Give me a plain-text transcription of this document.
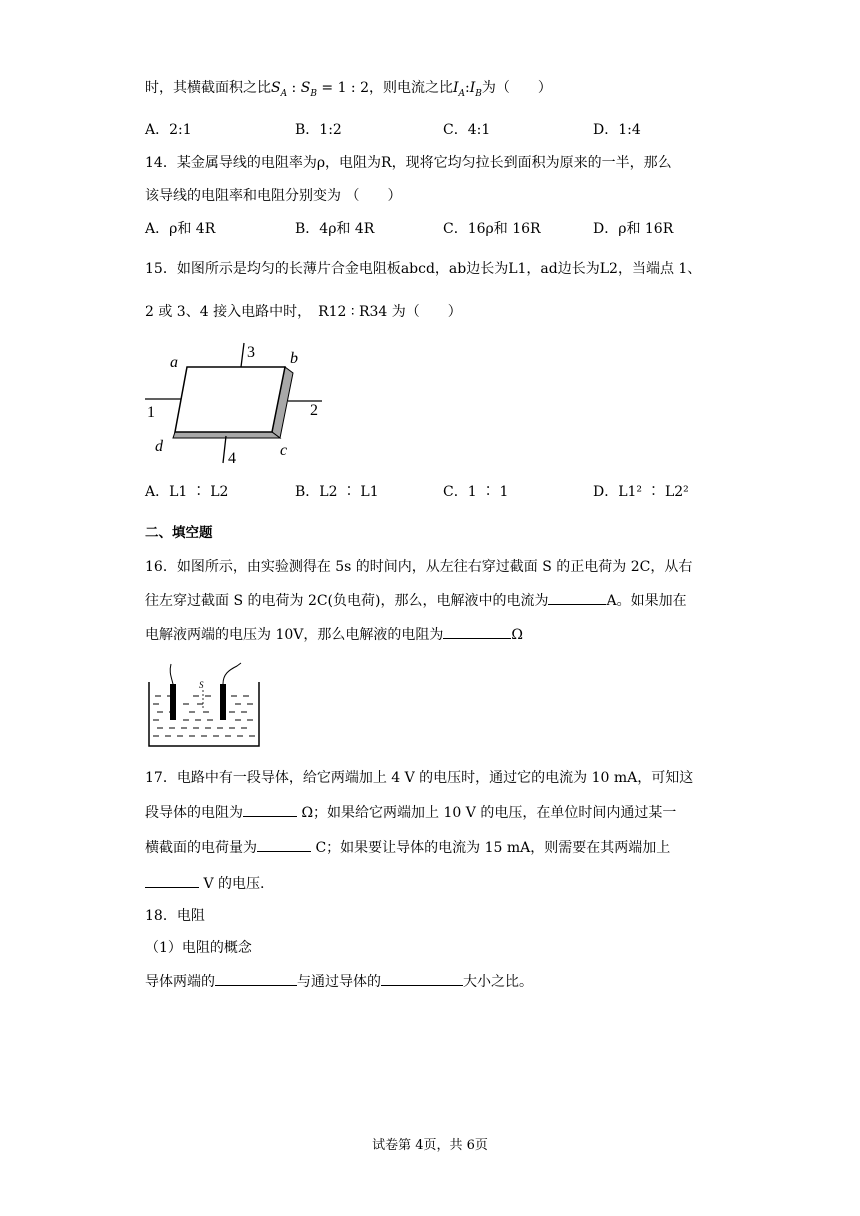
时，其横截面积之比$S_A$ : $S_B = 1$ : 2，则电流之比$I_A:I_B$为（　　）
A．2:1	B．1:2	C．4:1	D．1:4
14．某金属导线的电阻率为ρ，电阻为R，现将它均匀拉长到面积为原来的一半，那么
该导线的电阻率和电阻分别变为 （　　）
A．ρ和 4R	B．4ρ和 4R	C．16ρ和 16R	D．ρ和 16R
15．如图所示是均匀的长薄片合金电阻板abcd，ab边长为L1，ad边长为L2，当端点 1、
2 或 3、4 接入电路中时，　R12 ∶ R34 为（　　）
a	b
c
d
1	2
3
4
A．L1 ∶ L2	B．L2 ∶ L1	C．1 ∶ 1	D．L1² ∶ L2²
二、填空题
16．如图所示，由实验测得在 5s 的时间内，从左往右穿过截面 S 的正电荷为 2C，从右
往左穿过截面 S 的电荷为 2C(负电荷)，那么，电解液中的电流为	A。如果加在
电解液两端的电压为 10V，那么电解液的电阻为	Ω
S
17．电路中有一段导体，给它两端加上 4 V 的电压时，通过它的电流为 10 mA，可知这
段导体的电阻为	Ω；如果给它两端加上 10 V 的电压，在单位时间内通过某一
横截面的电荷量为	C；如果要让导体的电流为 15 mA，则需要在其两端加上
V 的电压.
18．电阻
（1）电阻的概念
导体两端的	与通过导体的	大小之比。
试卷第 4页，共 6页
